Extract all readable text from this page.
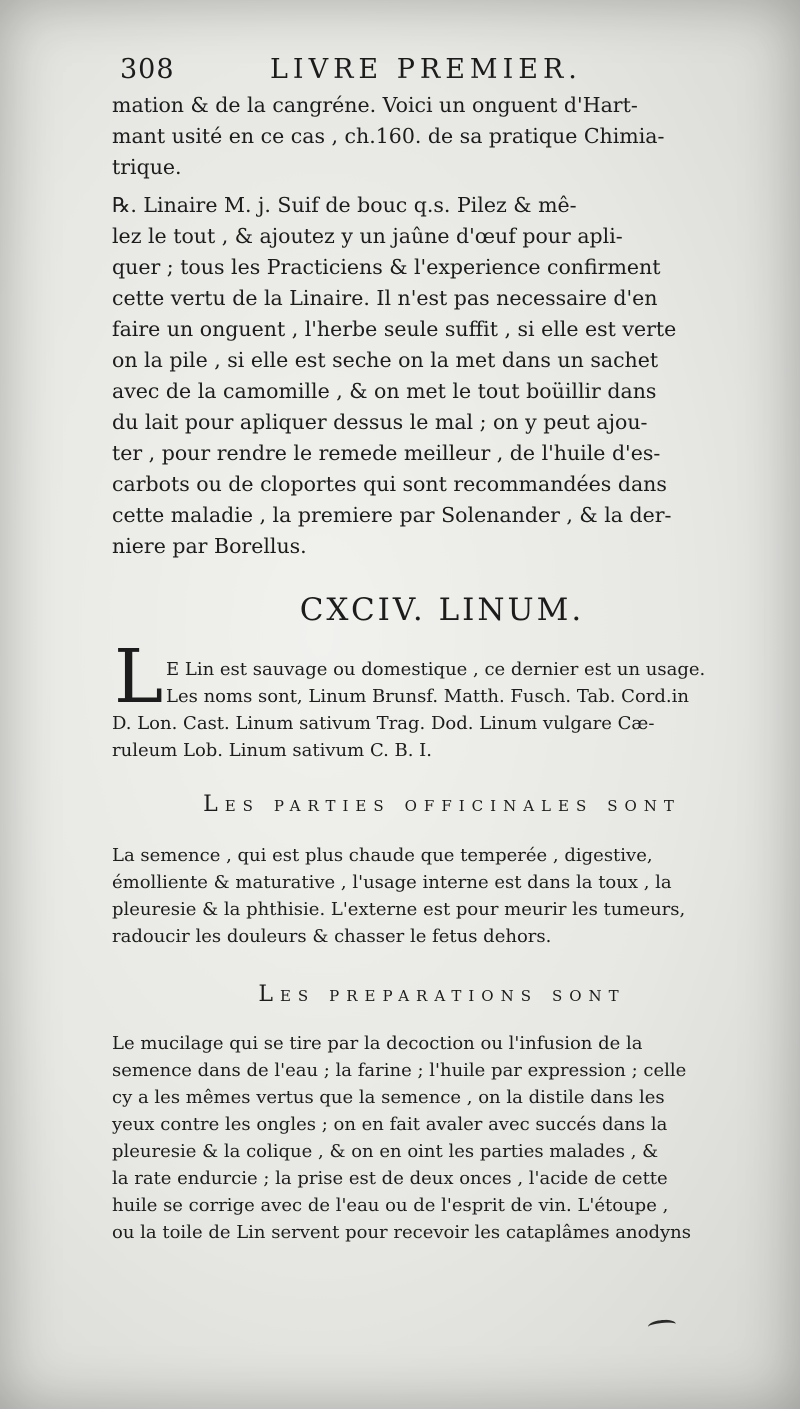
308	LIVRE PREMIER.
mation & de la cangréne. Voici un onguent d'Hart-
mant usité en ce cas , ch.160. de sa pratique Chimia-
trique.
℞. Linaire M. j. Suif de bouc q.s. Pilez & mê-
lez le tout , & ajoutez y un jaûne d'œuf pour apli-
quer ; tous les Practiciens & l'experience confirment
cette vertu de la Linaire. Il n'est pas necessaire d'en
faire un onguent , l'herbe seule suffit , si elle est verte
on la pile , si elle est seche on la met dans un sachet
avec de la camomille , & on met le tout boüillir dans
du lait pour apliquer dessus le mal ; on y peut ajou-
ter , pour rendre le remede meilleur , de l'huile d'es-
carbots ou de cloportes qui sont recommandées dans
cette maladie , la premiere par Solenander , & la der-
niere par Borellus.
CXCIV. LINUM.
L E Lin est sauvage ou domestique , ce dernier est un usage.
Les noms sont, Linum Brunsf. Matth. Fusch. Tab. Cord.in
D. Lon. Cast. Linum sativum Trag. Dod. Linum vulgare Cæ-
ruleum Lob. Linum sativum C. B. I.
Les parties officinales sont
La semence , qui est plus chaude que temperée , digestive,
émolliente & maturative , l'usage interne est dans la toux , la
pleuresie & la phthisie. L'externe est pour meurir les tumeurs,
radoucir les douleurs & chasser le fetus dehors.
Les preparations sont
Le mucilage qui se tire par la decoction ou l'infusion de la
semence dans de l'eau ; la farine ; l'huile par expression ; celle
cy a les mêmes vertus que la semence , on la distile dans les
yeux contre les ongles ; on en fait avaler avec succés dans la
pleuresie & la colique , & on en oint les parties malades , &
la rate endurcie ; la prise est de deux onces , l'acide de cette
huile se corrige avec de l'eau ou de l'esprit de vin. L'étoupe ,
ou la toile de Lin servent pour recevoir les cataplâmes anodyns
